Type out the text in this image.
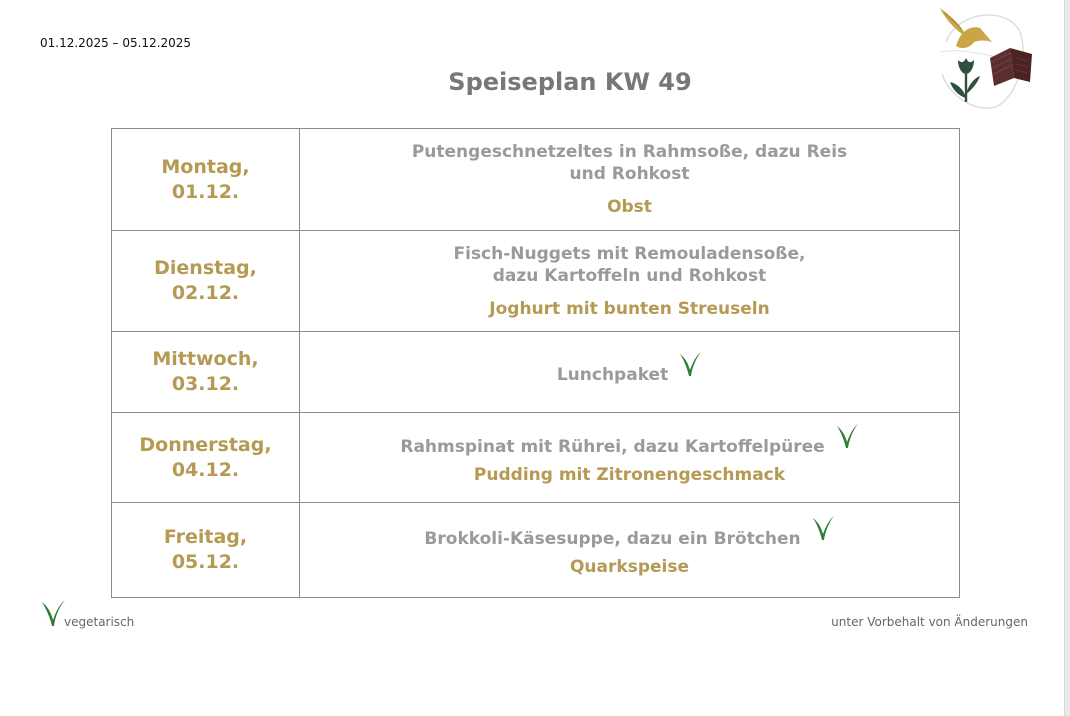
01.12.2025 – 05.12.2025
Speiseplan KW 49
Montag,
01.12.	Putengeschnetzeltes in Rahmsoße, dazu Reis
und Rohkost
Obst

Dienstag,
02.12.	Fisch-Nuggets mit Remouladensoße,
dazu Kartoffeln und Rohkost
Joghurt mit bunten Streuseln

Mittwoch,
03.12.	Lunchpaket

Donnerstag,
04.12.	Rahmspinat mit Rührei, dazu Kartoffelpüree
Pudding mit Zitronengeschmack

Freitag,
05.12.	Brokkoli-Käsesuppe, dazu ein Brötchen
Quarkspeise
vegetarisch	unter Vorbehalt von Änderungen
